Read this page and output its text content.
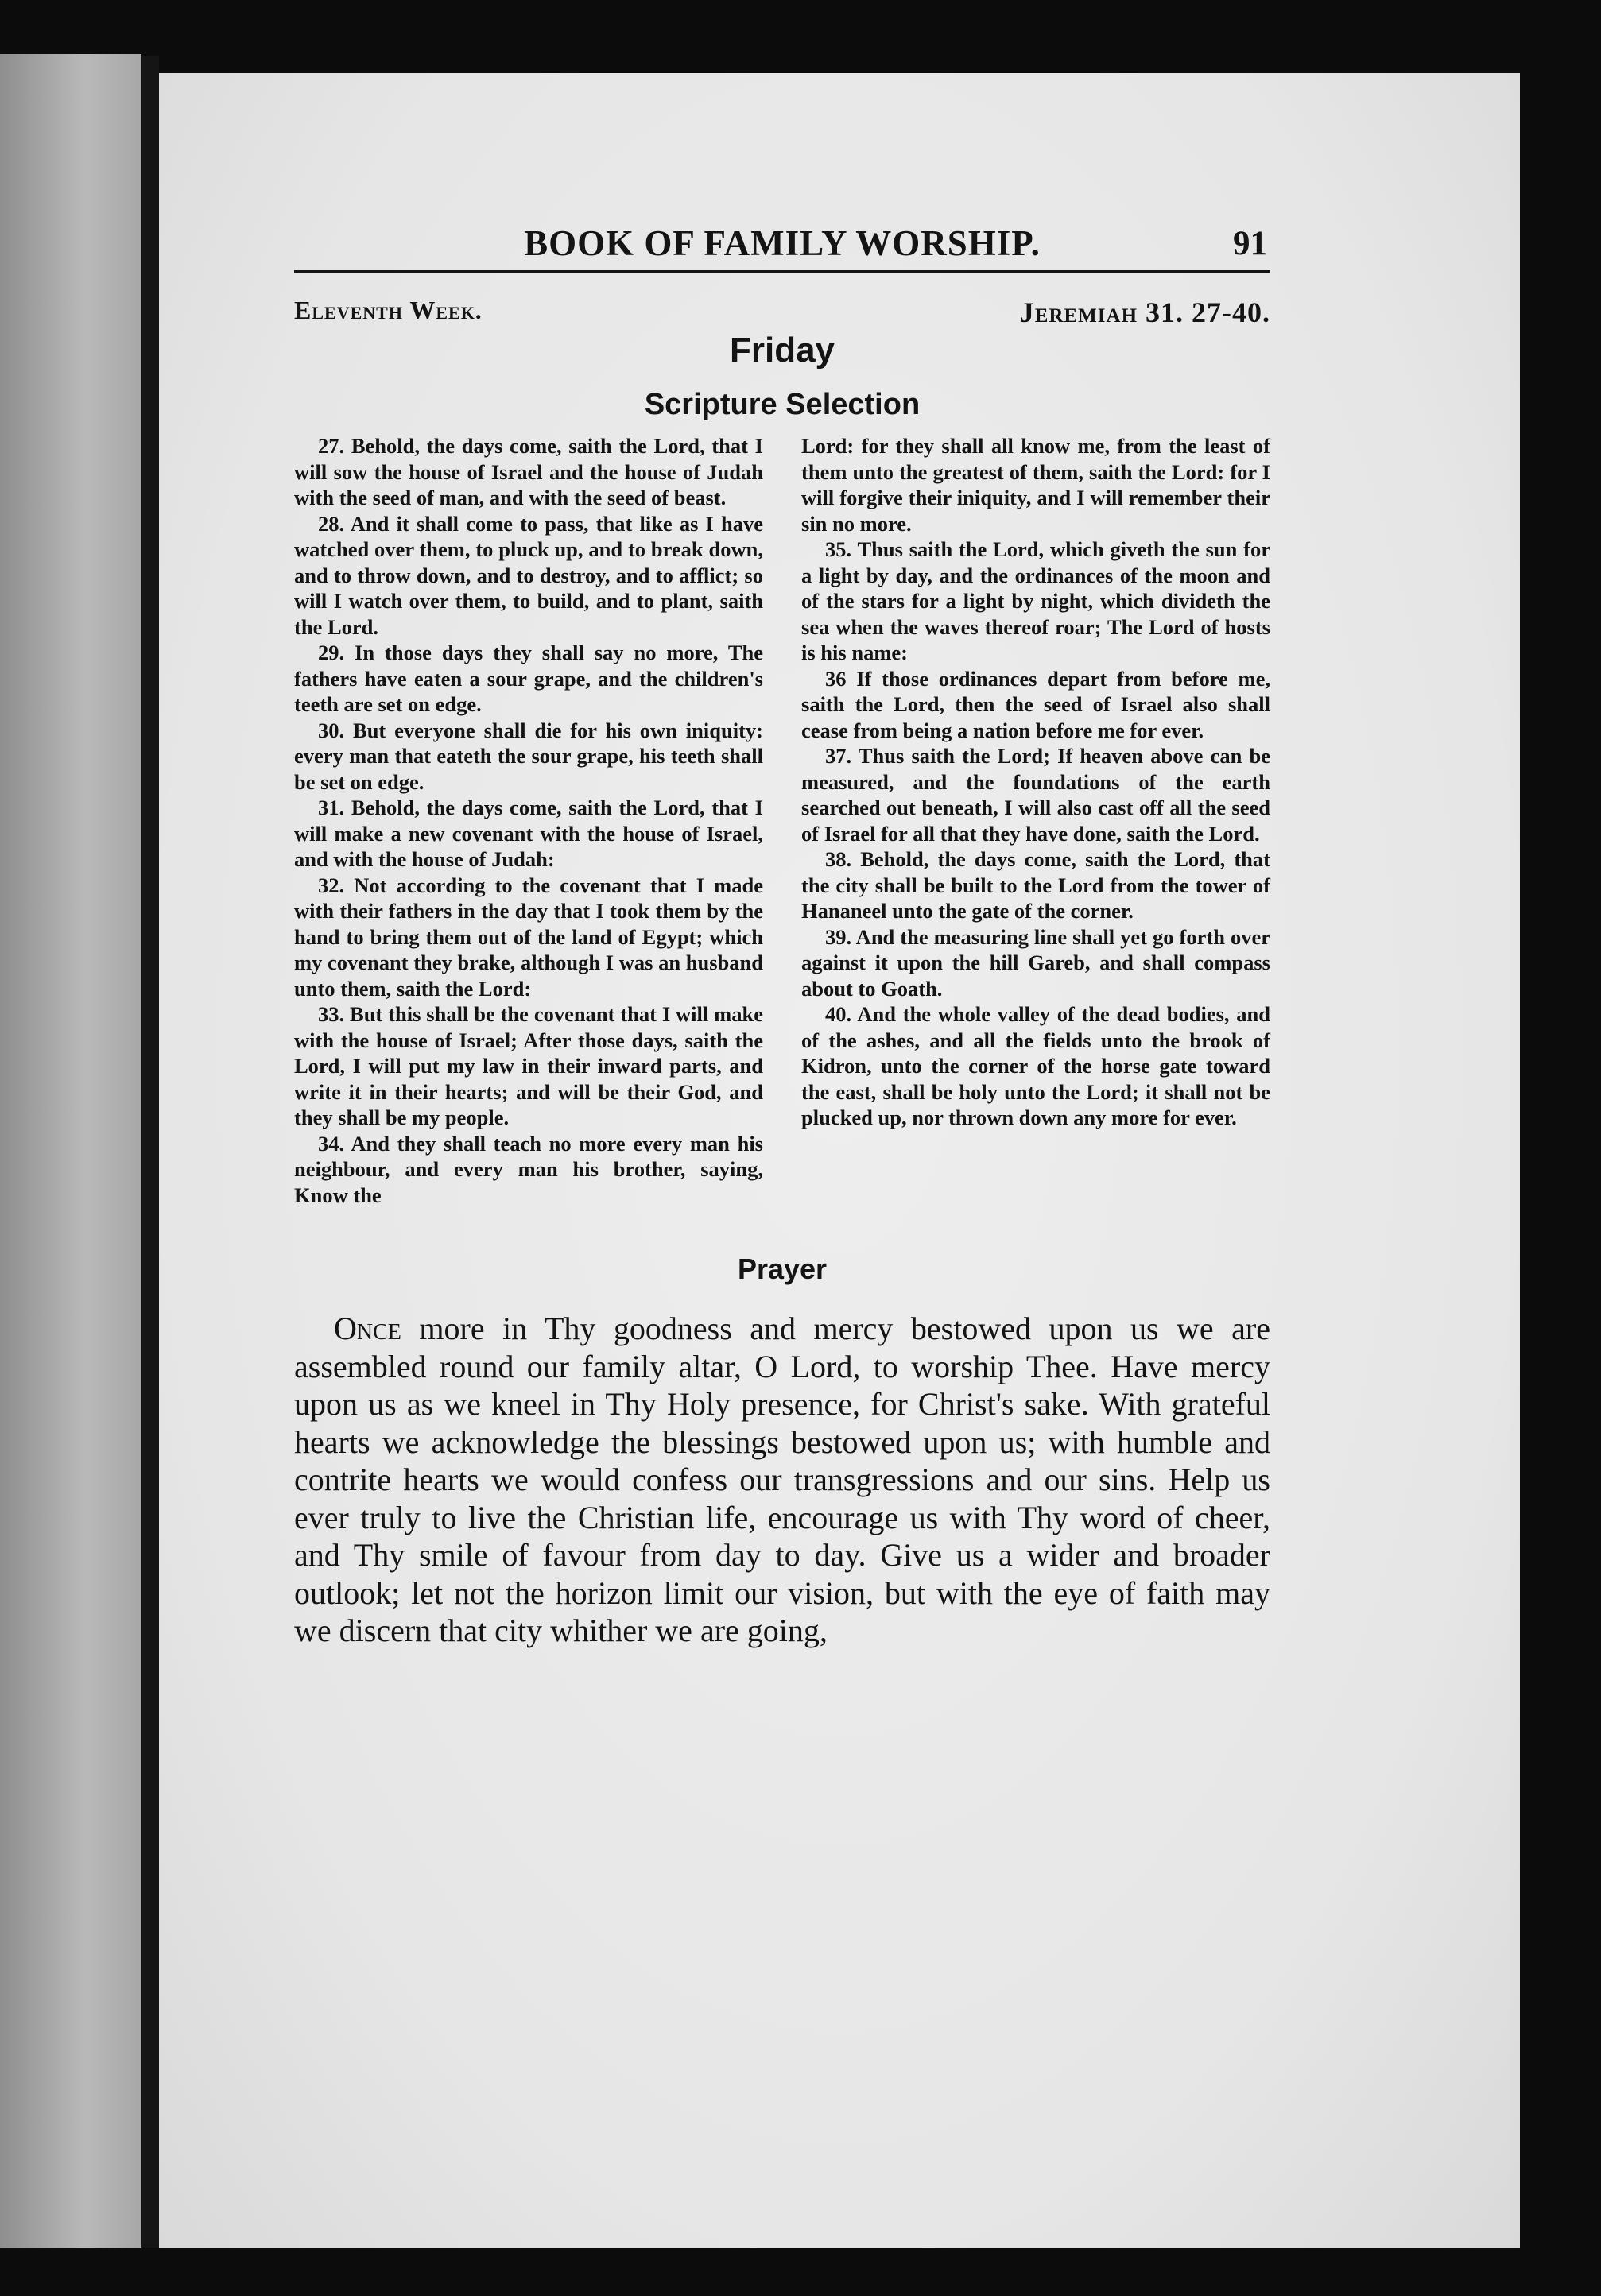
BOOK OF FAMILY WORSHIP.	91
Eleventh Week.	Jeremiah 31. 27-40.
Friday
Scripture Selection

27. Behold, the days come, saith the Lord, that I will sow the house of Israel and the house of Judah with the seed of man, and with the seed of beast.

28. And it shall come to pass, that like as I have watched over them, to pluck up, and to break down, and to throw down, and to destroy, and to afflict; so will I watch over them, to build, and to plant, saith the Lord.

29. In those days they shall say no more, The fathers have eaten a sour grape, and the children's teeth are set on edge.

30. But everyone shall die for his own iniquity: every man that eateth the sour grape, his teeth shall be set on edge.

31. Behold, the days come, saith the Lord, that I will make a new covenant with the house of Israel, and with the house of Judah:

32. Not according to the covenant that I made with their fathers in the day that I took them by the hand to bring them out of the land of Egypt; which my covenant they brake, although I was an husband unto them, saith the Lord:

33. But this shall be the covenant that I will make with the house of Israel; After those days, saith the Lord, I will put my law in their inward parts, and write it in their hearts; and will be their God, and they shall be my people.

34. And they shall teach no more every man his neighbour, and every man his brother, saying, Know the

Lord: for they shall all know me, from the least of them unto the greatest of them, saith the Lord: for I will forgive their iniquity, and I will remember their sin no more.

35. Thus saith the Lord, which giveth the sun for a light by day, and the ordinances of the moon and of the stars for a light by night, which divideth the sea when the waves thereof roar; The Lord of hosts is his name:

36 If those ordinances depart from before me, saith the Lord, then the seed of Israel also shall cease from being a nation before me for ever.

37. Thus saith the Lord; If heaven above can be measured, and the foundations of the earth searched out beneath, I will also cast off all the seed of Israel for all that they have done, saith the Lord.

38. Behold, the days come, saith the Lord, that the city shall be built to the Lord from the tower of Hananeel unto the gate of the corner.

39. And the measuring line shall yet go forth over against it upon the hill Gareb, and shall compass about to Goath.

40. And the whole valley of the dead bodies, and of the ashes, and all the fields unto the brook of Kidron, unto the corner of the horse gate toward the east, shall be holy unto the Lord; it shall not be plucked up, nor thrown down any more for ever.

Prayer

Once more in Thy goodness and mercy bestowed upon us we are assembled round our family altar, O Lord, to worship Thee. Have mercy upon us as we kneel in Thy Holy presence, for Christ's sake. With grateful hearts we acknowledge the blessings bestowed upon us; with humble and contrite hearts we would confess our transgressions and our sins. Help us ever truly to live the Christian life, encourage us with Thy word of cheer, and Thy smile of favour from day to day. Give us a wider and broader outlook; let not the horizon limit our vision, but with the eye of faith may we discern that city whither we are going,
